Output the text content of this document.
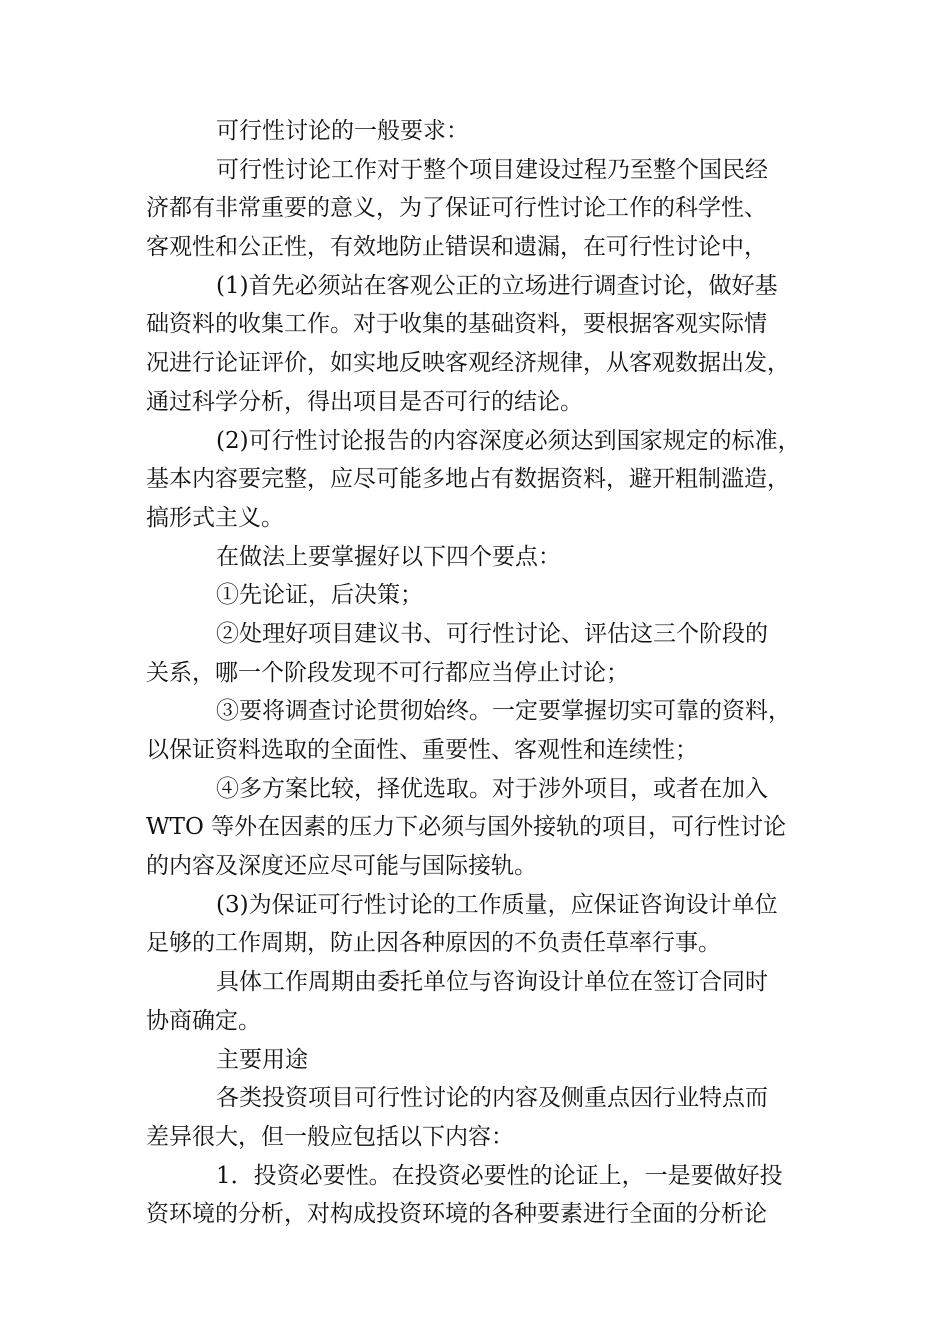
可行性讨论的一般要求：
可行性讨论工作对于整个项目建设过程乃至整个国民经
济都有非常重要的意义，为了保证可行性讨论工作的科学性、
客观性和公正性，有效地防止错误和遗漏，在可行性讨论中，
(1)首先必须站在客观公正的立场进行调查讨论，做好基
础资料的收集工作。对于收集的基础资料，要根据客观实际情
况进行论证评价，如实地反映客观经济规律，从客观数据出发，
通过科学分析，得出项目是否可行的结论。
(2)可行性讨论报告的内容深度必须达到国家规定的标准，
基本内容要完整，应尽可能多地占有数据资料，避开粗制滥造，
搞形式主义。
在做法上要掌握好以下四个要点：
①先论证，后决策；
②处理好项目建议书、可行性讨论、评估这三个阶段的
关系，哪一个阶段发现不可行都应当停止讨论；
③要将调查讨论贯彻始终。一定要掌握切实可靠的资料，
以保证资料选取的全面性、重要性、客观性和连续性；
④多方案比较，择优选取。对于涉外项目，或者在加入
WTO 等外在因素的压力下必须与国外接轨的项目，可行性讨论
的内容及深度还应尽可能与国际接轨。
(3)为保证可行性讨论的工作质量，应保证咨询设计单位
足够的工作周期，防止因各种原因的不负责任草率行事。
具体工作周期由委托单位与咨询设计单位在签订合同时
协商确定。
主要用途
各类投资项目可行性讨论的内容及侧重点因行业特点而
差异很大，但一般应包括以下内容：
1．投资必要性。在投资必要性的论证上，一是要做好投
资环境的分析，对构成投资环境的各种要素进行全面的分析论
